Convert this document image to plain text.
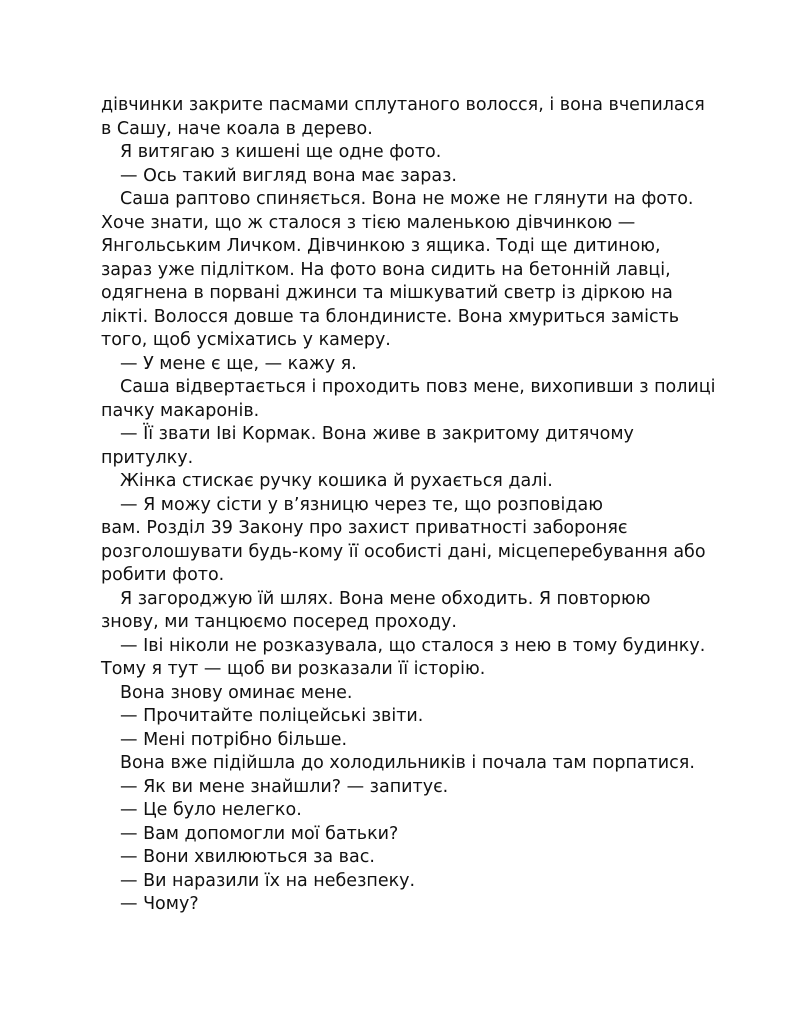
дівчинки закрите пасмами сплутаного волосся, і вона вчепилася
в Сашу, наче коала в дерево.
Я витягаю з кишені ще одне фото.
— Ось такий вигляд вона має зараз.
Саша раптово спиняється. Вона не може не глянути на фото.
Хоче знати, що ж сталося з тією маленькою дівчинкою —
Янгольським Личком. Дівчинкою з ящика. Тоді ще дитиною,
зараз уже підлітком. На фото вона сидить на бетонній лавці,
одягнена в порвані джинси та мішкуватий светр із діркою на
лікті. Волосся довше та блондинисте. Вона хмуриться замість
того, щоб усміхатись у камеру.
— У мене є ще, — кажу я.
Саша відвертається і проходить повз мене, вихопивши з полиці
пачку макаронів.
— Її звати Іві Кормак. Вона живе в закритому дитячому
притулку.
Жінка стискає ручку кошика й рухається далі.
— Я можу сісти у в’язницю через те, що розповідаю
вам. Розділ 39 Закону про захист приватності забороняє
розголошувати будь-кому її особисті дані, місцеперебування або
робити фото.
Я загороджую їй шлях. Вона мене обходить. Я повторюю
знову, ми танцюємо посеред проходу.
— Іві ніколи не розказувала, що сталося з нею в тому будинку.
Тому я тут — щоб ви розказали її історію.
Вона знову оминає мене.
— Прочитайте поліцейські звіти.
— Мені потрібно більше.
Вона вже підійшла до холодильників і почала там порпатися.
— Як ви мене знайшли? — запитує.
— Це було нелегко.
— Вам допомогли мої батьки?
— Вони хвилюються за вас.
— Ви наразили їх на небезпеку.
— Чому?
